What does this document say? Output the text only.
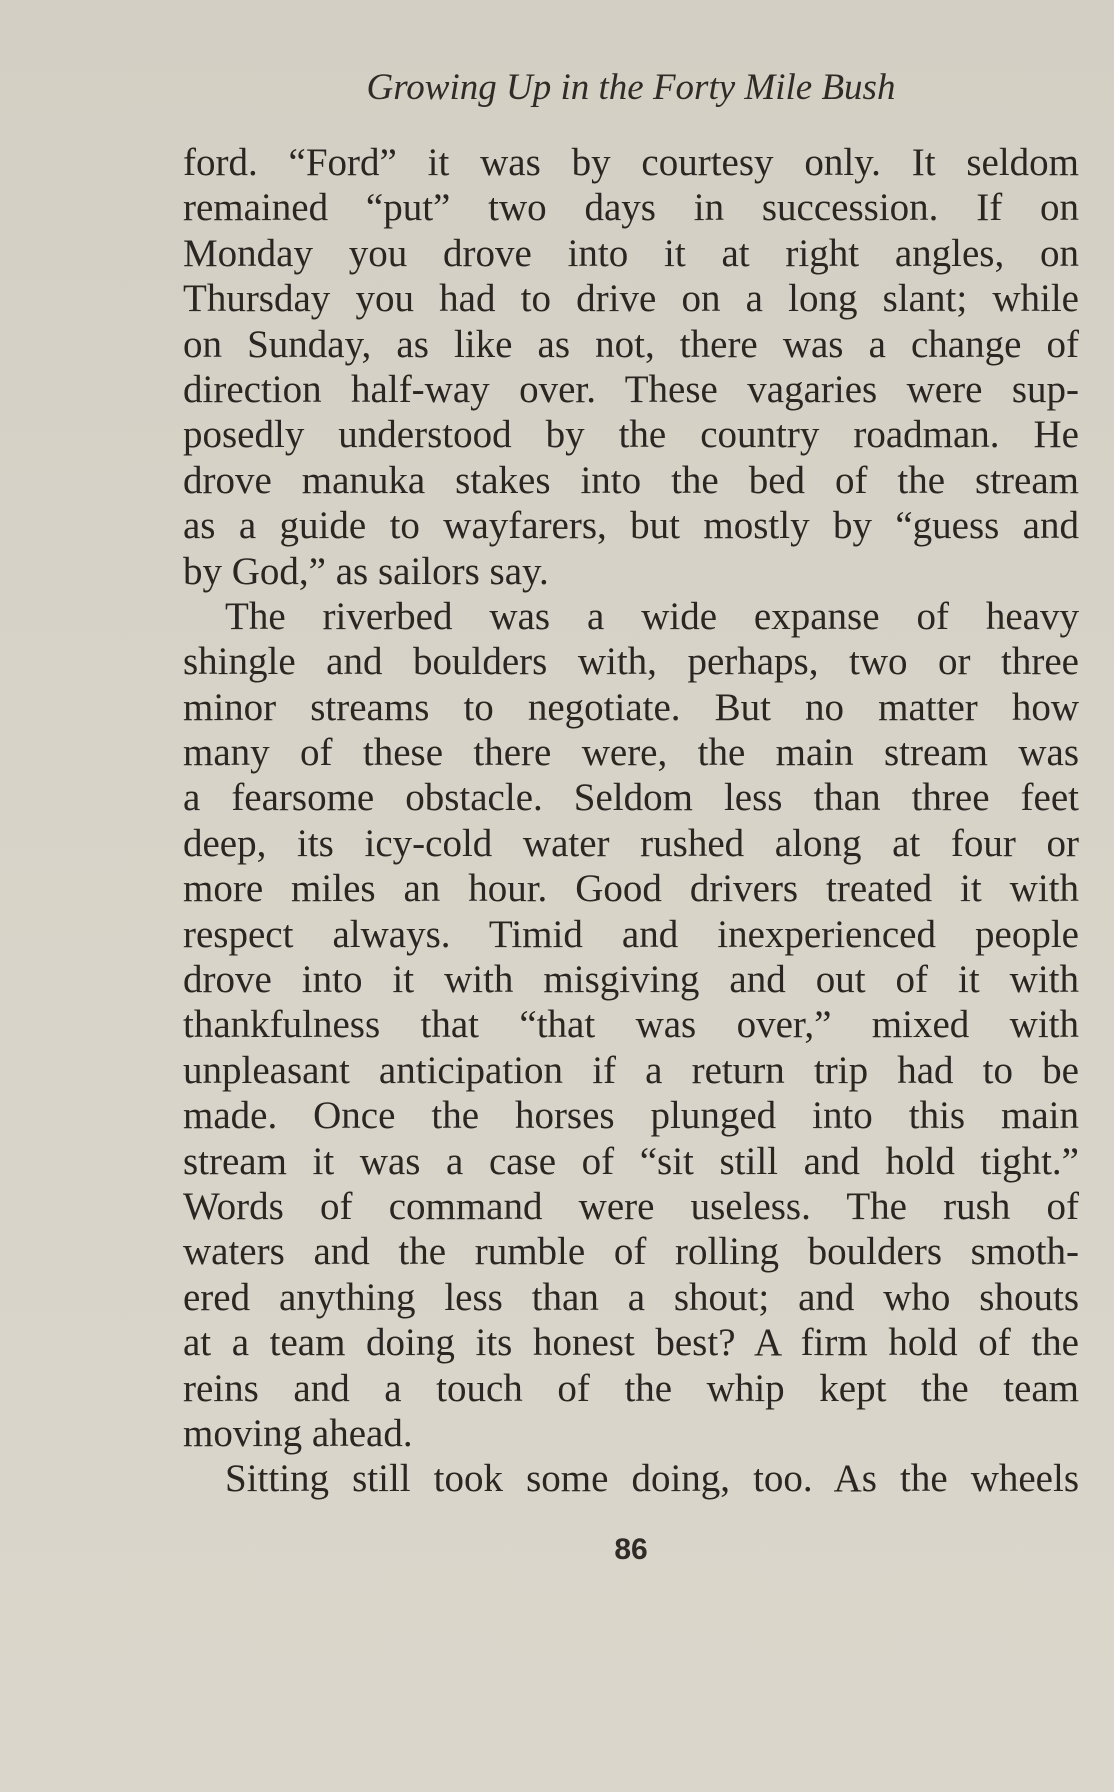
Growing Up in the Forty Mile Bush
ford. “Ford” it was by courtesy only. It seldom
remained “put” two days in succession. If on
Monday you drove into it at right angles, on
Thursday you had to drive on a long slant; while
on Sunday, as like as not, there was a change of
direction half-way over. These vagaries were sup-
posedly understood by the country roadman. He
drove manuka stakes into the bed of the stream
as a guide to wayfarers, but mostly by “guess and
by God,” as sailors say.
The riverbed was a wide expanse of heavy
shingle and boulders with, perhaps, two or three
minor streams to negotiate. But no matter how
many of these there were, the main stream was
a fearsome obstacle. Seldom less than three feet
deep, its icy-cold water rushed along at four or
more miles an hour. Good drivers treated it with
respect always. Timid and inexperienced people
drove into it with misgiving and out of it with
thankfulness that “that was over,” mixed with
unpleasant anticipation if a return trip had to be
made. Once the horses plunged into this main
stream it was a case of “sit still and hold tight.”
Words of command were useless. The rush of
waters and the rumble of rolling boulders smoth-
ered anything less than a shout; and who shouts
at a team doing its honest best? A firm hold of the
reins and a touch of the whip kept the team
moving ahead.
Sitting still took some doing, too. As the wheels
86
